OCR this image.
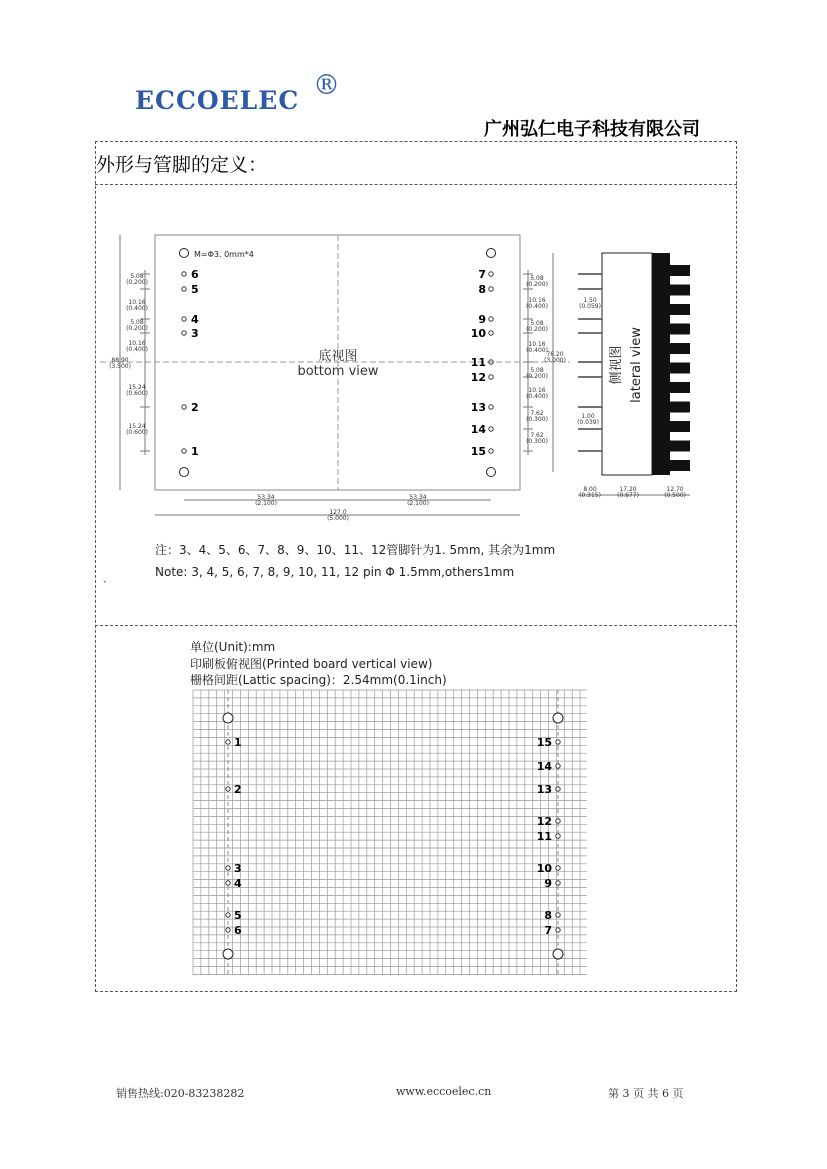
ECCOELEC ®
广州弘仁电子科技有限公司
外形与管脚的定义：
M=Φ3. 0mm*4
底视图
bottom view
5.08 (0.200)
10.16 (0.400)
5.08 (0.200)
10.16 (0.400)
88.90 (3.500)
15.24 (0.600)
15.24 (0.600)
5.08 (0.200)
10.16 (0.400)
5.08 (0.200)
10.16 (0.400)
76.20 (3.000)
5.08 (0.200)
10.16 (0.400)
7.62 (0.300)
7.62 (0.300)
53.34 (2.100)
53.34 (2.100)
127.0 (5.000)
6
5
4
3
2
1
7
8
9
10
11
12
13
14
15
侧视图 lateral view
8.00 (0.315)
17.20 (0.677)
12.70 (0.500)
1.50 (0.059)
1.00 (0.039)
1
2
3
4
5
6
15
14
13
12
11
10
9
8
7
注：3、4、5、6、7、8、9、10、11、12管脚针为1. 5mm, 其余为1mm
Note: 3, 4, 5, 6, 7, 8, 9, 10, 11, 12 pin Φ 1.5mm,others1mm
、
单位(Unit):mm
印刷板俯视图(Printed board vertical view)
栅格间距(Lattic spacing)：2.54mm(0.1inch)
销售热线:020-83238282	www.eccoelec.cn	第 3 页 共 6 页
